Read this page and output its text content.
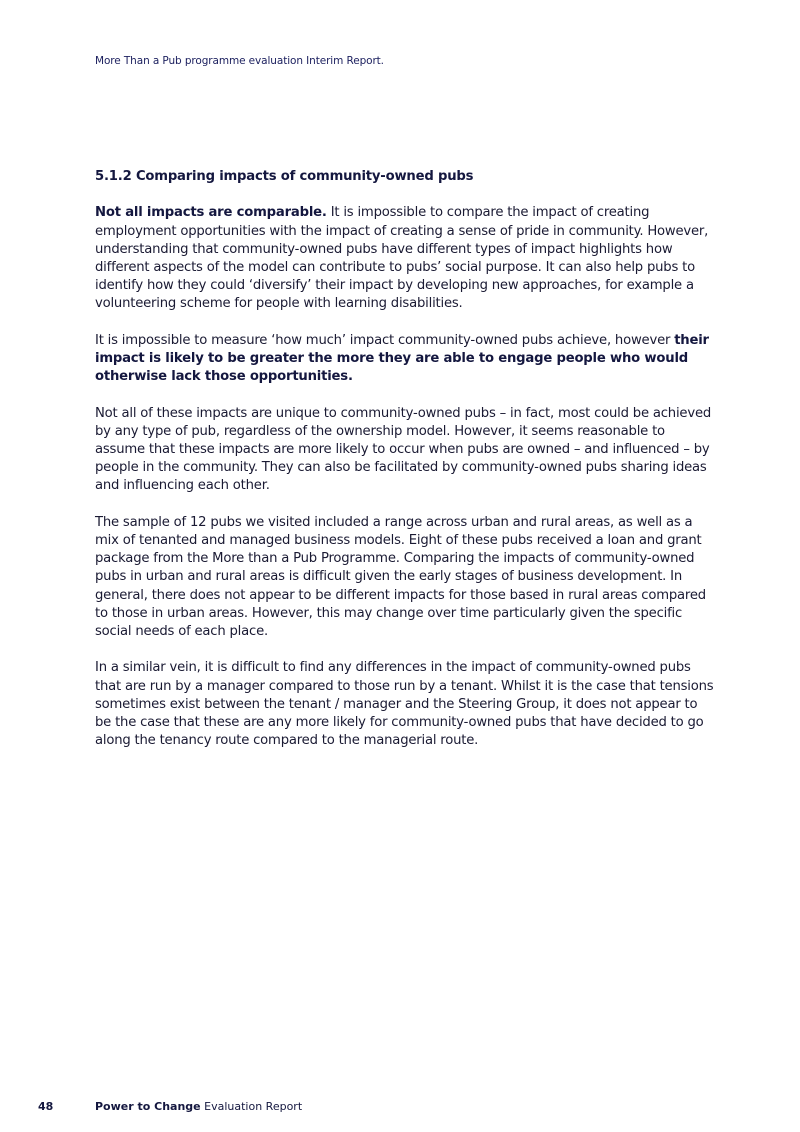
More Than a Pub programme evaluation Interim Report.

5.1.2 Comparing impacts of community-owned pubs

Not all impacts are comparable. It is impossible to compare the impact of creating employment opportunities with the impact of creating a sense of pride in community. However, understanding that community-owned pubs have different types of impact highlights how different aspects of the model can contribute to pubs’ social purpose. It can also help pubs to identify how they could ‘diversify’ their impact by developing new approaches, for example a volunteering scheme for people with learning disabilities.

It is impossible to measure ‘how much’ impact community-owned pubs achieve, however their impact is likely to be greater the more they are able to engage people who would otherwise lack those opportunities.

Not all of these impacts are unique to community-owned pubs – in fact, most could be achieved by any type of pub, regardless of the ownership model. However, it seems reasonable to assume that these impacts are more likely to occur when pubs are owned – and influenced – by people in the community. They can also be facilitated by community-owned pubs sharing ideas and influencing each other.

The sample of 12 pubs we visited included a range across urban and rural areas, as well as a mix of tenanted and managed business models. Eight of these pubs received a loan and grant package from the More than a Pub Programme. Comparing the impacts of community-owned pubs in urban and rural areas is difficult given the early stages of business development. In general, there does not appear to be different impacts for those based in rural areas compared to those in urban areas. However, this may change over time particularly given the specific social needs of each place.

In a similar vein, it is difficult to find any differences in the impact of community-owned pubs that are run by a manager compared to those run by a tenant. Whilst it is the case that tensions sometimes exist between the tenant / manager and the Steering Group, it does not appear to be the case that these are any more likely for community-owned pubs that have decided to go along the tenancy route compared to the managerial route.

48	Power to Change Evaluation Report
